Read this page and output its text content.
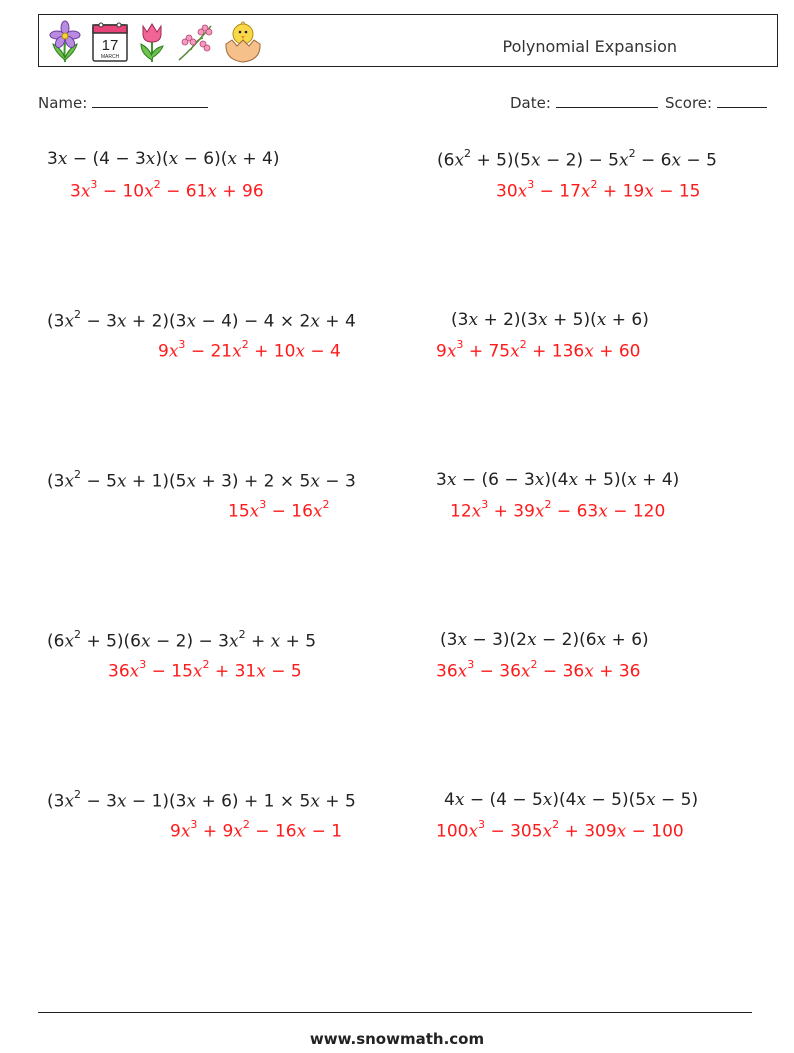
17
MARCH
Polynomial Expansion
Name:	Date:	Score:
3x − (4 − 3x)(x − 6)(x + 4)
$3x^3 - 10x^2 - 61x + 96$
$(6x^2 + 5)(5x - 2) - 5x^2 - 6x - 5$
$30x^3 - 17x^2 + 19x - 15$
$(3x^2 - 3x + 2)(3x - 4) - 4 \times 2x + 4$
$9x^3 - 21x^2 + 10x - 4$
(3x + 2)(3x + 5)(x + 6)
$9x^3 + 75x^2 + 136x + 60$
$(3x^2 - 5x + 1)(5x + 3) + 2 \times 5x - 3$
$15x^3 - 16x^2$
3x − (6 − 3x)(4x + 5)(x + 4)
$12x^3 + 39x^2 - 63x - 120$
$(6x^2 + 5)(6x - 2) - 3x^2 + x + 5$
$36x^3 - 15x^2 + 31x - 5$
(3x − 3)(2x − 2)(6x + 6)
$36x^3 - 36x^2 - 36x + 36$
$(3x^2 - 3x - 1)(3x + 6) + 1 \times 5x + 5$
$9x^3 + 9x^2 - 16x - 1$
4x − (4 − 5x)(4x − 5)(5x − 5)
$100x^3 - 305x^2 + 309x - 100$
www.snowmath.com
